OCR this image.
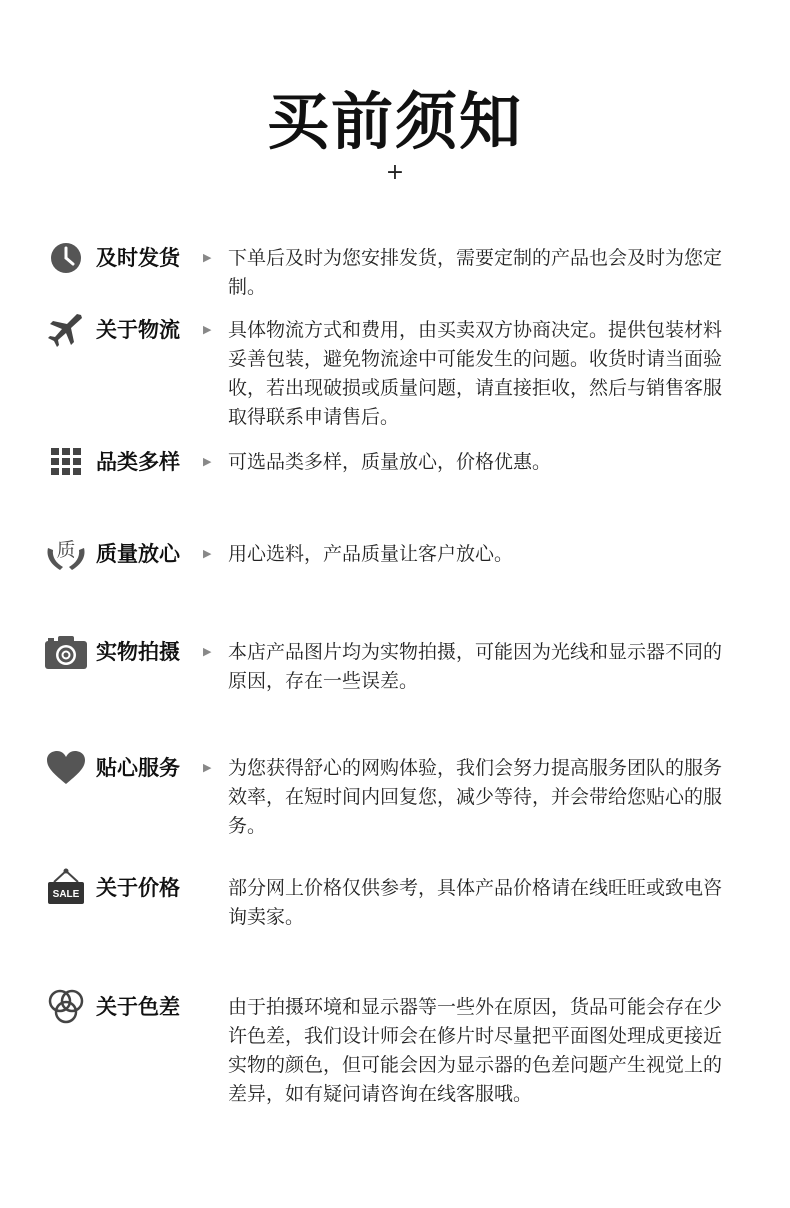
买前须知
+
及时发货 ▶ 下单后及时为您安排发货，需要定制的产品也会及时为您定制。
关于物流 ▶ 具体物流方式和费用，由买卖双方协商决定。提供包装材料妥善包装，避免物流途中可能发生的问题。收货时请当面验收，若出现破损或质量问题，请直接拒收，然后与销售客服取得联系申请售后。
品类多样 ▶ 可选品类多样，质量放心，价格优惠。
质 质量放心 ▶ 用心选料，产品质量让客户放心。
实物拍摄 ▶ 本店产品图片均为实物拍摄，可能因为光线和显示器不同的原因，存在一些误差。
贴心服务 ▶ 为您获得舒心的网购体验，我们会努力提高服务团队的服务效率，在短时间内回复您，减少等待，并会带给您贴心的服务。
SALE 关于价格	部分网上价格仅供参考，具体产品价格请在线旺旺或致电咨询卖家。
关于色差	由于拍摄环境和显示器等一些外在原因，货品可能会存在少许色差，我们设计师会在修片时尽量把平面图处理成更接近实物的颜色，但可能会因为显示器的色差问题产生视觉上的差异，如有疑问请咨询在线客服哦。
